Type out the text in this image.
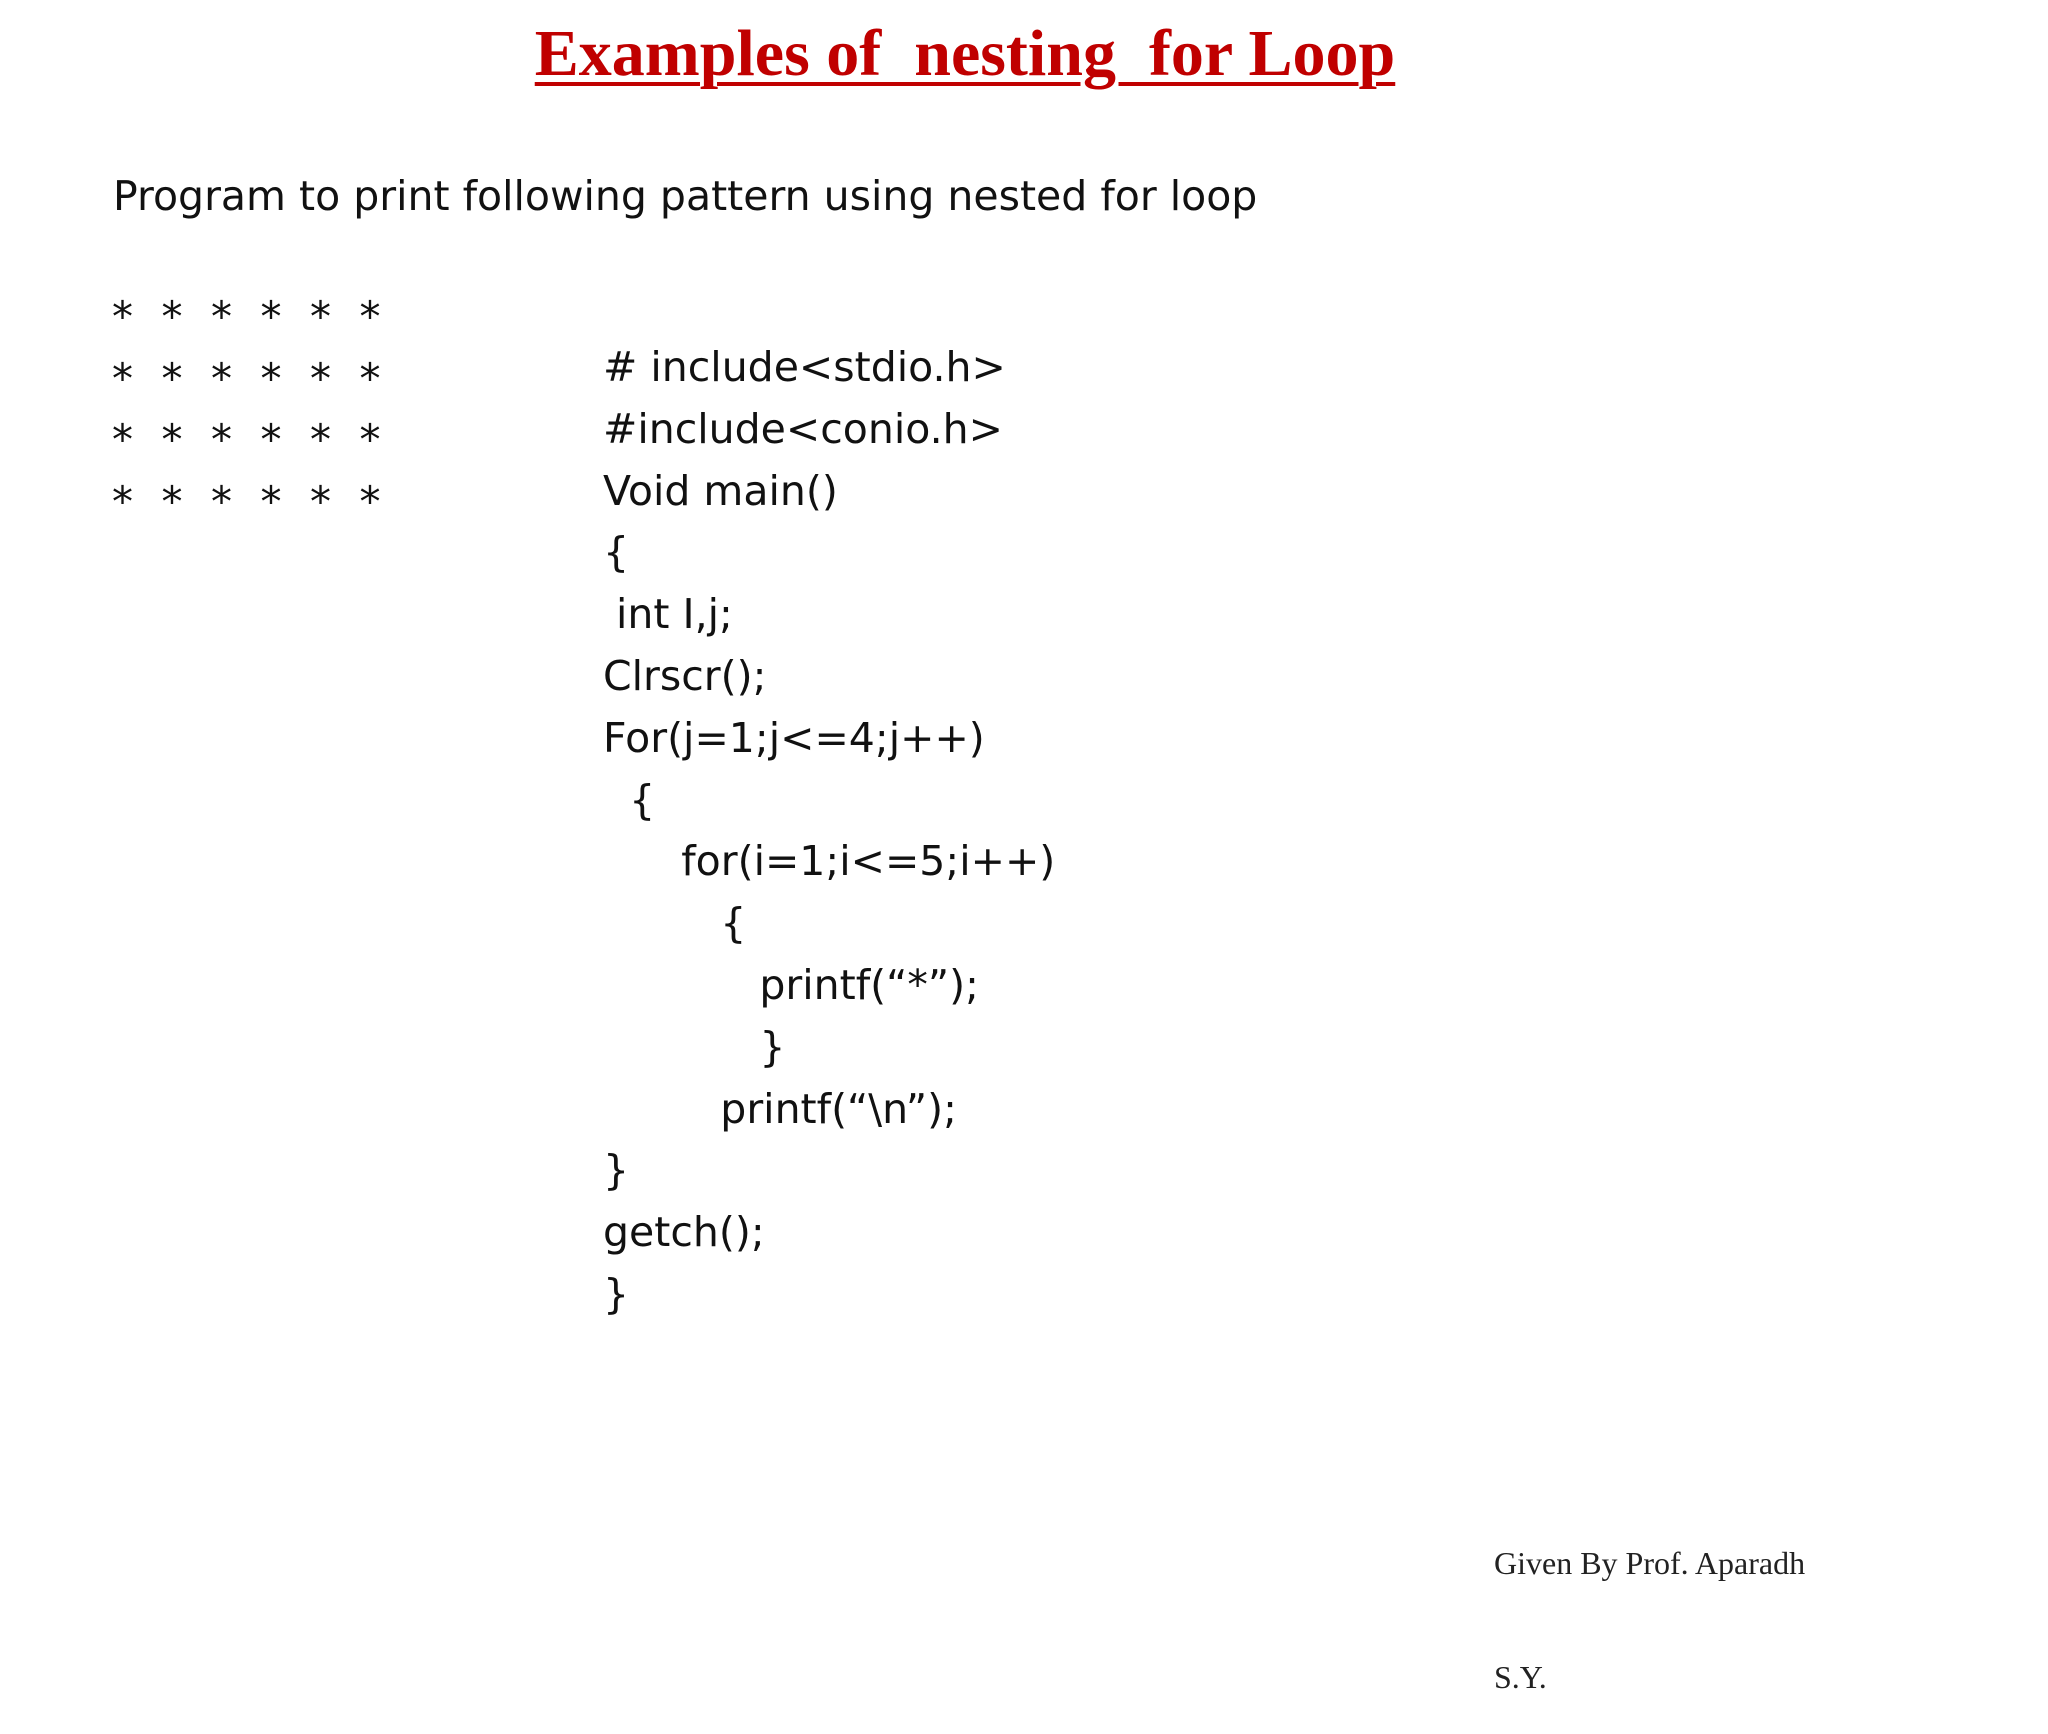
Examples of  nesting  for Loop
Program to print following pattern using nested for loop
* * * * * *
* * * * * *
* * * * * *
* * * * * *
# include<stdio.h>
#include<conio.h>
Void main()
{
int I,j;
Clrscr();
For(j=1;j<=4;j++)
{
for(i=1;i<=5;i++)
{
printf(“*”);
}
printf(“\n”);
}
getch();
}

Given By Prof. Aparadh

S.Y.
